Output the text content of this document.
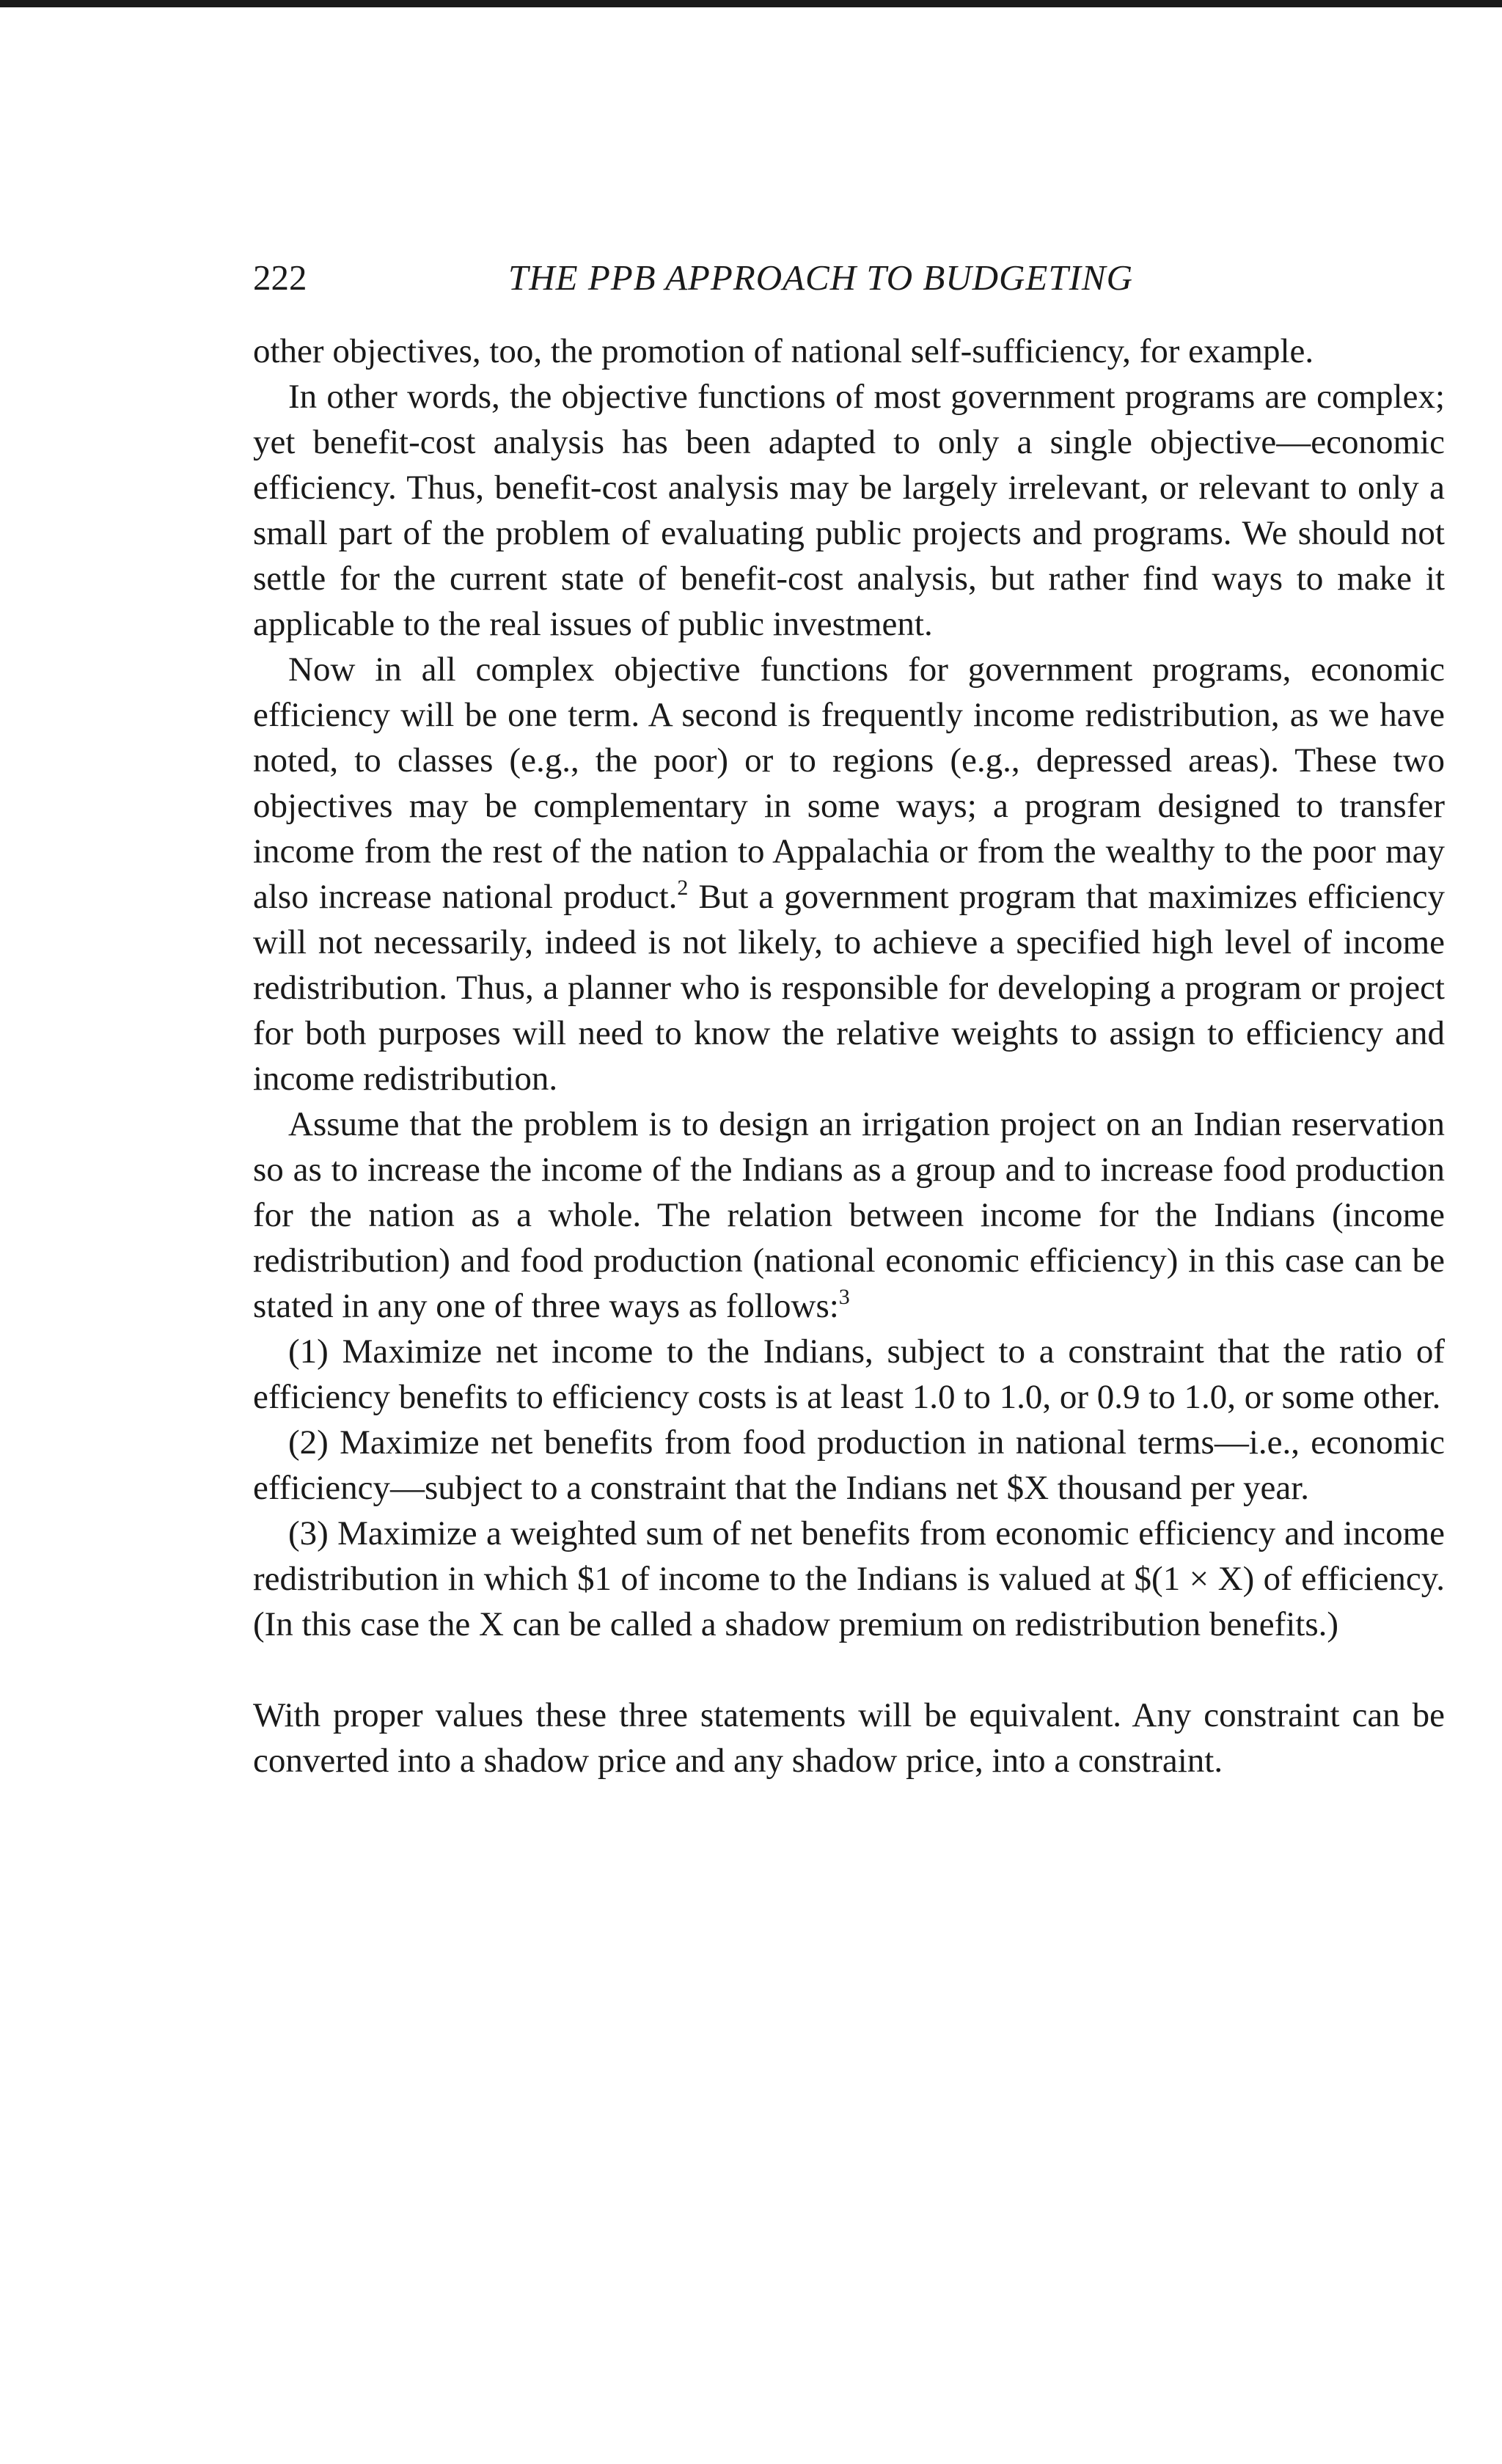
222	THE PPB APPROACH TO BUDGETING

other objectives, too, the promotion of national self-sufficiency, for example.

In other words, the objective functions of most government programs are complex; yet benefit-cost analysis has been adapted to only a single objective—economic efficiency. Thus, benefit-cost analysis may be largely irrelevant, or relevant to only a small part of the problem of evaluating public projects and programs. We should not settle for the current state of benefit-cost analysis, but rather find ways to make it applicable to the real issues of public investment.

Now in all complex objective functions for government programs, economic efficiency will be one term. A second is frequently income redistribution, as we have noted, to classes (e.g., the poor) or to regions (e.g., depressed areas). These two objectives may be complementary in some ways; a program designed to transfer income from the rest of the nation to Appalachia or from the wealthy to the poor may also increase national product.$^2$ But a government program that maximizes efficiency will not necessarily, indeed is not likely, to achieve a specified high level of income redistribution. Thus, a planner who is responsible for developing a program or project for both purposes will need to know the relative weights to assign to efficiency and income redistribution.

Assume that the problem is to design an irrigation project on an Indian reservation so as to increase the income of the Indians as a group and to increase food production for the nation as a whole. The relation between income for the Indians (income redistribution) and food production (national economic efficiency) in this case can be stated in any one of three ways as follows:$^3$

(1) Maximize net income to the Indians, subject to a constraint that the ratio of efficiency benefits to efficiency costs is at least 1.0 to 1.0, or 0.9 to 1.0, or some other.

(2) Maximize net benefits from food production in national terms—i.e., economic efficiency—subject to a constraint that the Indians net $X thousand per year.

(3) Maximize a weighted sum of net benefits from economic efficiency and income redistribution in which $1 of income to the Indians is valued at $(1 × X) of efficiency. (In this case the X can be called a shadow premium on redistribution benefits.)

With proper values these three statements will be equivalent. Any constraint can be converted into a shadow price and any shadow price, into a constraint.
